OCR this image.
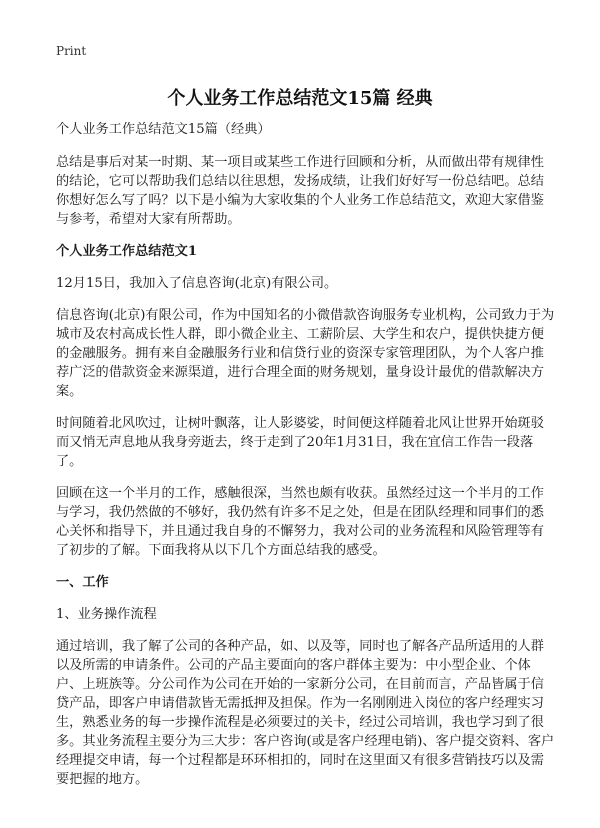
Print
个人业务工作总结范文15篇 经典

个人业务工作总结范文15篇（经典）

总结是事后对某一时期、某一项目或某些工作进行回顾和分析，从而做出带有规律性的结论，它可以帮助我们总结以往思想，发扬成绩，让我们好好写一份总结吧。总结你想好怎么写了吗？以下是小编为大家收集的个人业务工作总结范文，欢迎大家借鉴与参考，希望对大家有所帮助。

个人业务工作总结范文1

12月15日，我加入了信息咨询(北京)有限公司。

信息咨询(北京)有限公司，作为中国知名的小微借款咨询服务专业机构，公司致力于为城市及农村高成长性人群，即小微企业主、工薪阶层、大学生和农户，提供快捷方便的金融服务。拥有来自金融服务行业和信贷行业的资深专家管理团队，为个人客户推荐广泛的借款资金来源渠道，进行合理全面的财务规划，量身设计最优的借款解决方案。

时间随着北风吹过，让树叶飘落，让人影婆娑，时间便这样随着北风让世界开始斑驳而又悄无声息地从我身旁逝去，终于走到了20年1月31日，我在宜信工作告一段落了。

回顾在这一个半月的工作，感触很深，当然也颇有收获。虽然经过这一个半月的工作与学习，我仍然做的不够好，我仍然有许多不足之处，但是在团队经理和同事们的悉心关怀和指导下，并且通过我自身的不懈努力，我对公司的业务流程和风险管理等有了初步的了解。下面我将从以下几个方面总结我的感受。

一、工作

1、业务操作流程

通过培训，我了解了公司的各种产品，如、以及等，同时也了解各产品所适用的人群以及所需的申请条件。公司的产品主要面向的客户群体主要为：中小型企业、个体户、上班族等。分公司作为公司在开始的一家新分公司，在目前而言，产品皆属于信贷产品，即客户申请借款皆无需抵押及担保。作为一名刚刚进入岗位的客户经理实习生，熟悉业务的每一步操作流程是必须要过的关卡，经过公司培训，我也学习到了很多。其业务流程主要分为三大步：客户咨询(或是客户经理电销)、客户提交资料、客户经理提交申请，每一个过程都是环环相扣的，同时在这里面又有很多营销技巧以及需要把握的地方。
